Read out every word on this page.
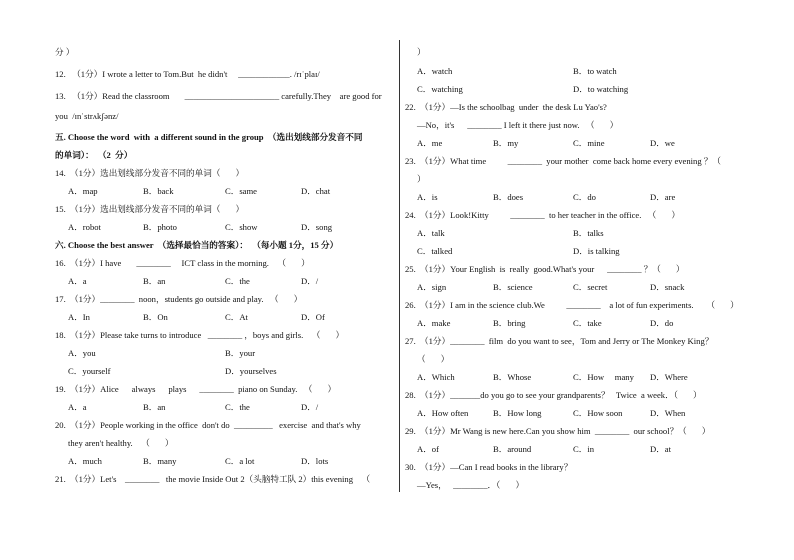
分 ）
12.   （1分）I wrote a letter to Tom.But  he didn't     ____________. /rɪˈplaɪ/
13.   （1分）Read the classroom       ______________________ carefully.They    are good for
you  /ɪnˈstrʌkʃənz/
五. Choose the word  with  a different sound in the group  （选出划线部分发音不同
的单词）：  （2  分）
14.  （1分）选出划线部分发音不同的单词（       ）
A．map	B．back	C．same	D．chat
15.  （1分）选出划线部分发音不同的单词（       ）
A．robot	B．photo	C．show	D．song
六. Choose the best answer  （选择最恰当的答案）：  （每小题 1分，15 分）
16.  （1分）I have       ________     ICT class in the morning.    （       ）
A．a	B．an	C．the	D．/
17.  （1分）________  noon，students go outside and play.   （       ）
A．In	B．On	C．At	D．Of
18.  （1分）Please take turns to introduce   ________ ，boys and girls.    （       ）
A．you	B．your
C．yourself	D．yourselves
19.  （1分）Alice      always      plays      ________  piano on Sunday.   （       ）
A．a	B．an	C．the	D．/
20.  （1分）People working in the office  don't do  _________   exercise  and that's why
they aren't healthy.    （       ）
A．much	B．many	C．a lot	D．lots
21.  （1分）Let's    ________   the movie Inside Out 2（头脑特工队 2）this evening    （
）
A．watch	B．to watch
C．watching	D．to watching
22.  （1分）—Is the schoolbag  under  the desk Lu Yao's?
—No，it's      ________ I left it there just now.   （       ）
A．me	B．my	C．mine	D．we
23.  （1分）What time          ________  your mother  come back home every evening ？（
）
A．is	B．does	C．do	D．are
24.  （1分）Look!Kitty          ________  to her teacher in the office.   （       ）
A．talk	B．talks
C．talked	D．is talking
25.  （1分）Your English  is  really  good.What's your      ________ ？（       ）
A．sign	B．science	C．secret	D．snack
26.  （1分）I am in the science club.We          ________    a lot of fun experiments.      （       ）
A．make	B．bring	C．take	D．do
27.  （1分）________  film  do you want to see，Tom and Jerry or The Monkey King？
（       ）
A．Which	B．Whose	C．How     many D．Where
28.  （1分）_______do you go to see your grandparents？   Twice  a week．（       ）
A．How often	B．How long	C．How soon	D．When
29.  （1分）Mr Wang is new here.Can you show him  ________  our school？（       ）
A．of	B．around	C．in	D．at
30.  （1分）—Can I read books in the library？
—Yes，   ________．（       ）
